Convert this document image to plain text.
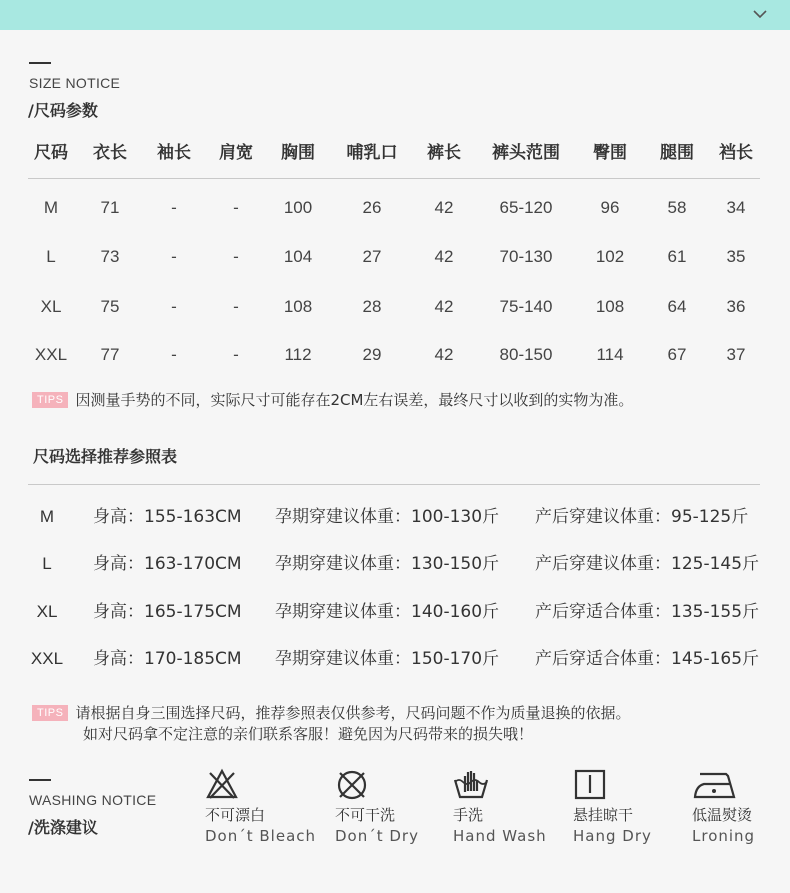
SIZE NOTICE
/尺码参数
尺码 衣长 袖长 肩宽 胸围 哺乳口 裤长 裤头范围 臀围 腿围 裆长
M 71	-	-	100	26	42	65-120	96	58 34
L	73	-	-	104	27	42	70-130	102	61 35
XL 75	-	-	108	28	42	75-140	108	64 36
XXL 77	-	-	112	29	42	80-150	114	67 37
TIPS 因测量手势的不同，实际尺寸可能存在2CM左右误差，最终尺寸以收到的实物为准。
尺码选择推荐参照表
M 身高：155-163CM 孕期穿建议体重：100-130斤 产后穿建议体重：95-125斤
L 身高：163-170CM 孕期穿建议体重：130-150斤 产后穿建议体重：125-145斤
XL 身高：165-175CM 孕期穿建议体重：140-160斤 产后穿适合体重：135-155斤
XXL 身高：170-185CM 孕期穿建议体重：150-170斤 产后穿适合体重：145-165斤
TIPS 请根据自身三围选择尺码，推荐参照表仅供参考，尺码问题不作为质量退换的依据。
如对尺码拿不定注意的亲们联系客服！避免因为尺码带来的损失哦！
WASHING NOTICE
/洗涤建议
不可漂白
Don´t Bleach
不可干洗
Don´t Dry
手洗
Hand Wash
悬挂晾干
Hang Dry
低温熨烫
Lroning
